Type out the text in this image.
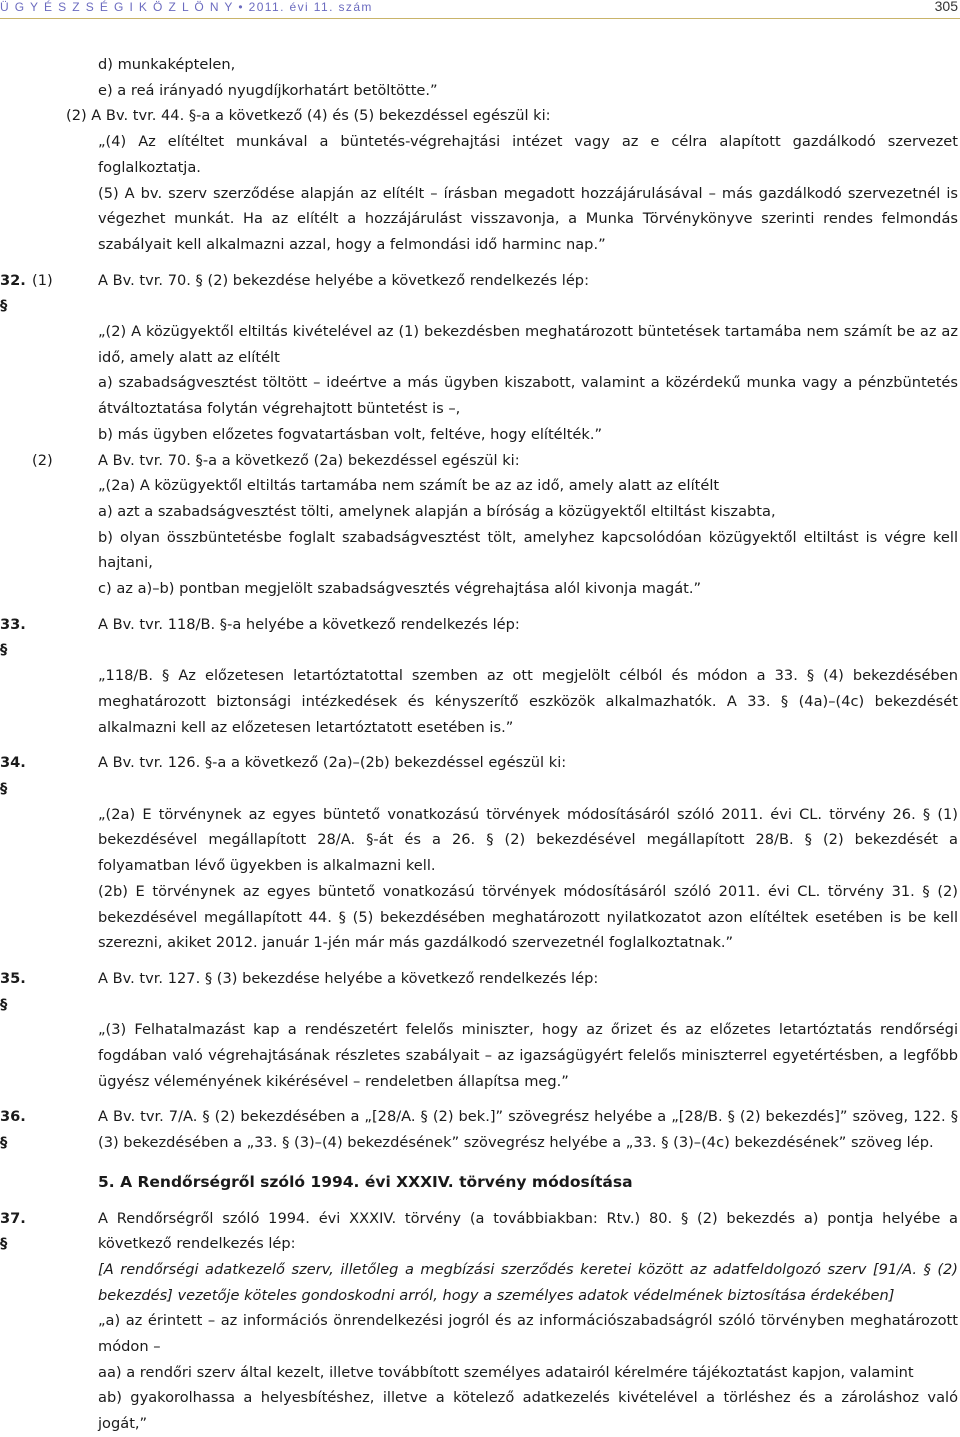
Ü G Y É S Z S É G I K Ö Z L Ö N Y • 2011. évi 11. szám	305

d) munkaképtelen,

e) a reá irányadó nyugdíjkorhatárt betöltötte.”

(2) A Bv. tvr. 44. §-a a következő (4) és (5) bekezdéssel egészül ki:

„(4) Az elítéltet munkával a büntetés-végrehajtási intézet vagy az e célra alapított gazdálkodó szervezet foglalkoztatja.

(5) A bv. szerv szerződése alapján az elítélt – írásban megadott hozzájárulásával – más gazdálkodó szervezetnél is végezhet munkát. Ha az elítélt a hozzájárulást visszavonja, a Munka Törvénykönyve szerinti rendes felmondás szabályait kell alkalmazni azzal, hogy a felmondási idő harminc nap.”

32. §
(1)	A Bv. tvr. 70. § (2) bekezdése helyébe a következő rendelkezés lép:

„(2) A közügyektől eltiltás kivételével az (1) bekezdésben meghatározott büntetések tartamába nem számít be az az idő, amely alatt az elítélt

a) szabadságvesztést töltött – ideértve a más ügyben kiszabott, valamint a közérdekű munka vagy a pénzbüntetés átváltoztatása folytán végrehajtott büntetést is –,

b) más ügyben előzetes fogvatartásban volt, feltéve, hogy elítélték.”

(2)	A Bv. tvr. 70. §-a a következő (2a) bekezdéssel egészül ki:

„(2a) A közügyektől eltiltás tartamába nem számít be az az idő, amely alatt az elítélt

a) azt a szabadságvesztést tölti, amelynek alapján a bíróság a közügyektől eltiltást kiszabta,

b) olyan összbüntetésbe foglalt szabadságvesztést tölt, amelyhez kapcsolódóan közügyektől eltiltást is végre kell hajtani,

c) az a)–b) pontban megjelölt szabadságvesztés végrehajtása alól kivonja magát.”

33. §
A Bv. tvr. 118/B. §-a helyébe a következő rendelkezés lép:

„118/B. § Az előzetesen letartóztatottal szemben az ott megjelölt célból és módon a 33. § (4) bekezdésében meghatározott biztonsági intézkedések és kényszerítő eszközök alkalmazhatók. A 33. § (4a)–(4c) bekezdését alkalmazni kell az előzetesen letartóztatott esetében is.”

34. §
A Bv. tvr. 126. §-a a következő (2a)–(2b) bekezdéssel egészül ki:

„(2a) E törvénynek az egyes büntető vonatkozású törvények módosításáról szóló 2011. évi CL. törvény 26. § (1) bekezdésével megállapított 28/A. §-át és a 26. § (2) bekezdésével megállapított 28/B. § (2) bekezdését a folyamatban lévő ügyekben is alkalmazni kell.

(2b) E törvénynek az egyes büntető vonatkozású törvények módosításáról szóló 2011. évi CL. törvény 31. § (2) bekezdésével megállapított 44. § (5) bekezdésében meghatározott nyilatkozatot azon elítéltek esetében is be kell szerezni, akiket 2012. január 1-jén már más gazdálkodó szervezetnél foglalkoztatnak.”

35. §
A Bv. tvr. 127. § (3) bekezdése helyébe a következő rendelkezés lép:

„(3) Felhatalmazást kap a rendészetért felelős miniszter, hogy az őrizet és az előzetes letartóztatás rendőrségi fogdában való végrehajtásának részletes szabályait – az igazságügyért felelős miniszterrel egyetértésben, a legfőbb ügyész véleményének kikérésével – rendeletben állapítsa meg.”

36. §
A Bv. tvr. 7/A. § (2) bekezdésében a „[28/A. § (2) bek.]” szövegrész helyébe a „[28/B. § (2) bekezdés]” szöveg, 122. § (3) bekezdésében a „33. § (3)–(4) bekezdésének” szövegrész helyébe a „33. § (3)–(4c) bekezdésének” szöveg lép.

5. A Rendőrségről szóló 1994. évi XXXIV. törvény módosítása

37. §
A Rendőrségről szóló 1994. évi XXXIV. törvény (a továbbiakban: Rtv.) 80. § (2) bekezdés a) pontja helyébe a következő rendelkezés lép:

[A rendőrségi adatkezelő szerv, illetőleg a megbízási szerződés keretei között az adatfeldolgozó szerv [91/A. § (2) bekezdés] vezetője köteles gondoskodni arról, hogy a személyes adatok védelmének biztosítása érdekében]

„a) az érintett – az információs önrendelkezési jogról és az információszabadságról szóló törvényben meghatározott módon –

aa) a rendőri szerv által kezelt, illetve továbbított személyes adatairól kérelmére tájékoztatást kapjon, valamint

ab) gyakorolhassa a helyesbítéshez, illetve a kötelező adatkezelés kivételével a törléshez és a zároláshoz való jogát,”
